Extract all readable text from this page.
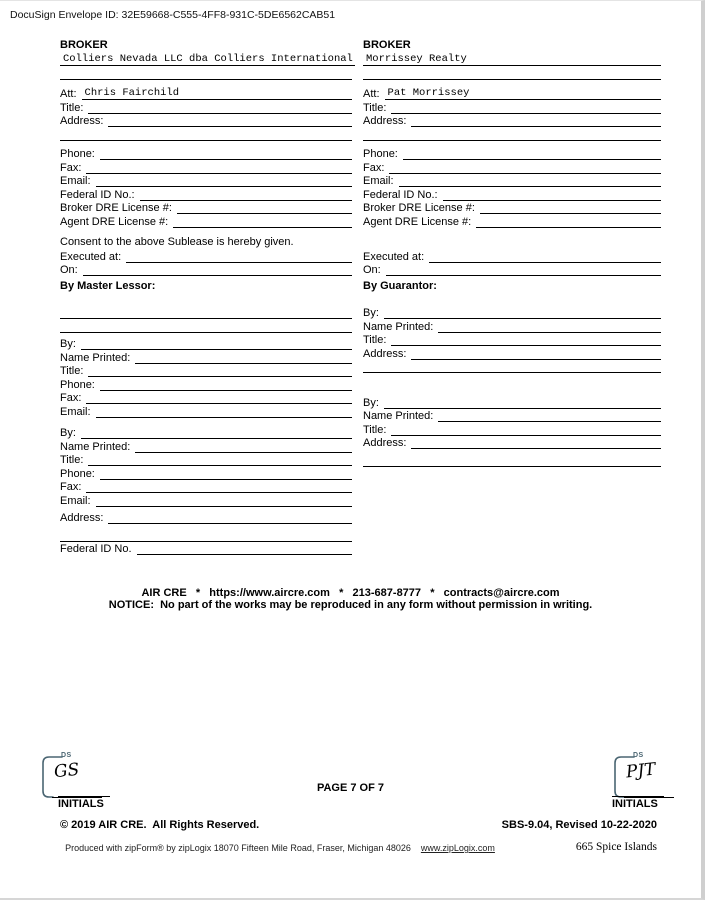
DocuSign Envelope ID: 32E59668-C555-4FF8-931C-5DE6562CAB51
BROKER
Colliers Nevada LLC dba Colliers International
Att: Chris Fairchild
Title:
Address:
Phone:
Fax:
Email:
Federal ID No.:
Broker DRE License #:
Agent DRE License #:
Consent to the above Sublease is hereby given.
Executed at:
On:
By Master Lessor:
By:
Name Printed:
Title:
Phone:
Fax:
Email:
By:
Name Printed:
Title:
Phone:
Fax:
Email:
Address:
Federal ID No.
BROKER
Morrissey Realty
Att: Pat Morrissey
Title:
Address:
Phone:
Fax:
Email:
Federal ID No.:
Broker DRE License #:
Agent DRE License #:
Executed at:
On:
By Guarantor:
By:
Name Printed:
Title:
Address:
By:
Name Printed:
Title:
Address:
AIR CRE   *   https://www.aircre.com   *   213-687-8777   *   contracts@aircre.com
NOTICE:  No part of the works may be reproduced in any form without permission in writing.
PAGE 7 OF 7
DS
GS
INITIALS
DS
PJT
INITIALS
© 2019 AIR CRE.  All Rights Reserved.	SBS-9.04, Revised 10-22-2020
Produced with zipForm® by zipLogix 18070 Fifteen Mile Road, Fraser, Michigan 48026 www.zipLogix.com	665 Spice Islands
